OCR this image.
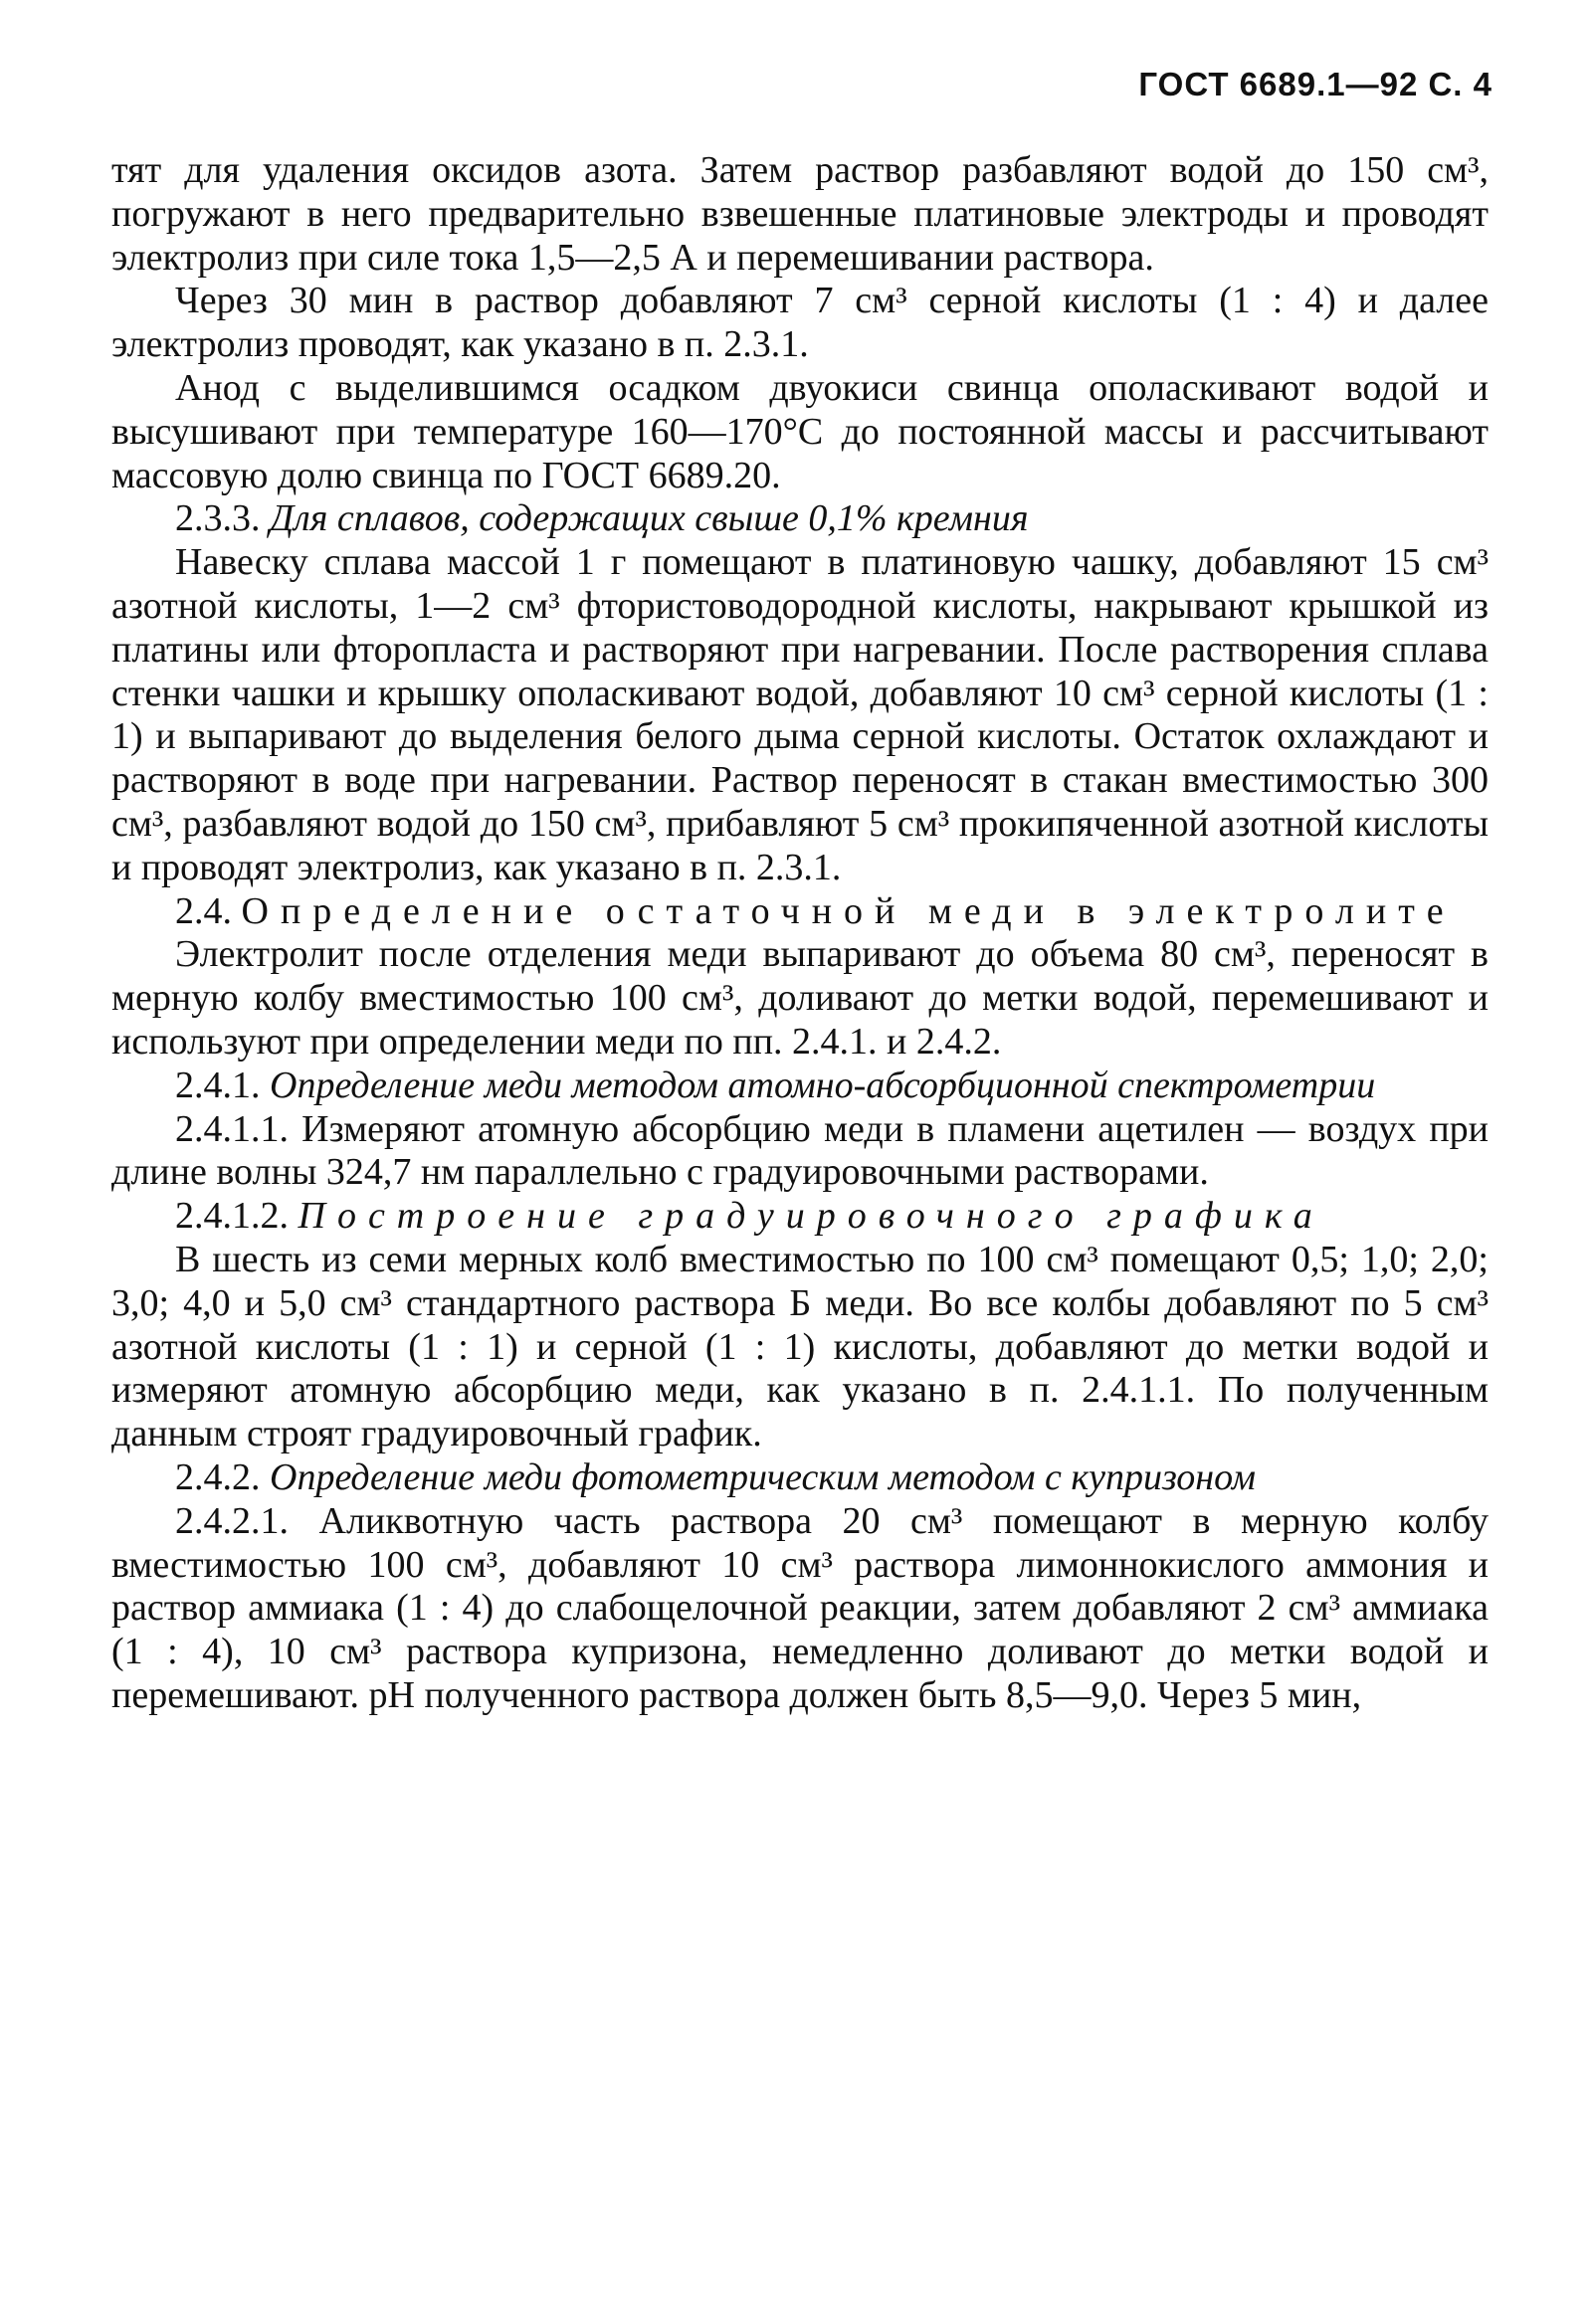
ГОСТ 6689.1—92 С. 4

тят для удаления оксидов азота. Затем раствор разбавляют водой до 150 см³, погружают в него предварительно взвешенные платиновые электроды и проводят электролиз при силе тока 1,5—2,5 А и перемешивании раствора.

Через 30 мин в раствор добавляют 7 см³ серной кислоты (1 : 4) и далее электролиз проводят, как указано в п. 2.3.1.

Анод с выделившимся осадком двуокиси свинца ополаскивают водой и высушивают при температуре 160—170°С до постоянной массы и рассчитывают массовую долю свинца по ГОСТ 6689.20.

2.3.3. Для сплавов, содержащих свыше 0,1% кремния

Навеску сплава массой 1 г помещают в платиновую чашку, добавляют 15 см³ азотной кислоты, 1—2 см³ фтористоводородной кислоты, накрывают крышкой из платины или фторопласта и растворяют при нагревании. После растворения сплава стенки чашки и крышку ополаскивают водой, добавляют 10 см³ серной кислоты (1 : 1) и выпаривают до выделения белого дыма серной кислоты. Остаток охлаждают и растворяют в воде при нагревании. Раствор переносят в стакан вместимостью 300 см³, разбавляют водой до 150 см³, прибавляют 5 см³ прокипяченной азотной кислоты и проводят электролиз, как указано в п. 2.3.1.

2.4. Определение остаточной меди в электролите

Электролит после отделения меди выпаривают до объема 80 см³, переносят в мерную колбу вместимостью 100 см³, доливают до метки водой, перемешивают и используют при определении меди по пп. 2.4.1. и 2.4.2.

2.4.1. Определение меди методом атомно-абсорбционной спектрометрии

2.4.1.1. Измеряют атомную абсорбцию меди в пламени ацетилен — воздух при длине волны 324,7 нм параллельно с градуировочными растворами.

2.4.1.2. Построение градуировочного графика

В шесть из семи мерных колб вместимостью по 100 см³ помещают 0,5; 1,0; 2,0; 3,0; 4,0 и 5,0 см³ стандартного раствора Б меди. Во все колбы добавляют по 5 см³ азотной кислоты (1 : 1) и серной (1 : 1) кислоты, добавляют до метки водой и измеряют атомную абсорбцию меди, как указано в п. 2.4.1.1. По полученным данным строят градуировочный график.

2.4.2. Определение меди фотометрическим методом с купризоном

2.4.2.1. Аликвотную часть раствора 20 см³ помещают в мерную колбу вместимостью 100 см³, добавляют 10 см³ раствора лимоннокислого аммония и раствор аммиака (1 : 4) до слабощелочной реакции, затем добавляют 2 см³ аммиака (1 : 4), 10 см³ раствора купризона, немедленно доливают до метки водой и перемешивают. pH полученного раствора должен быть 8,5—9,0. Через 5 мин,
